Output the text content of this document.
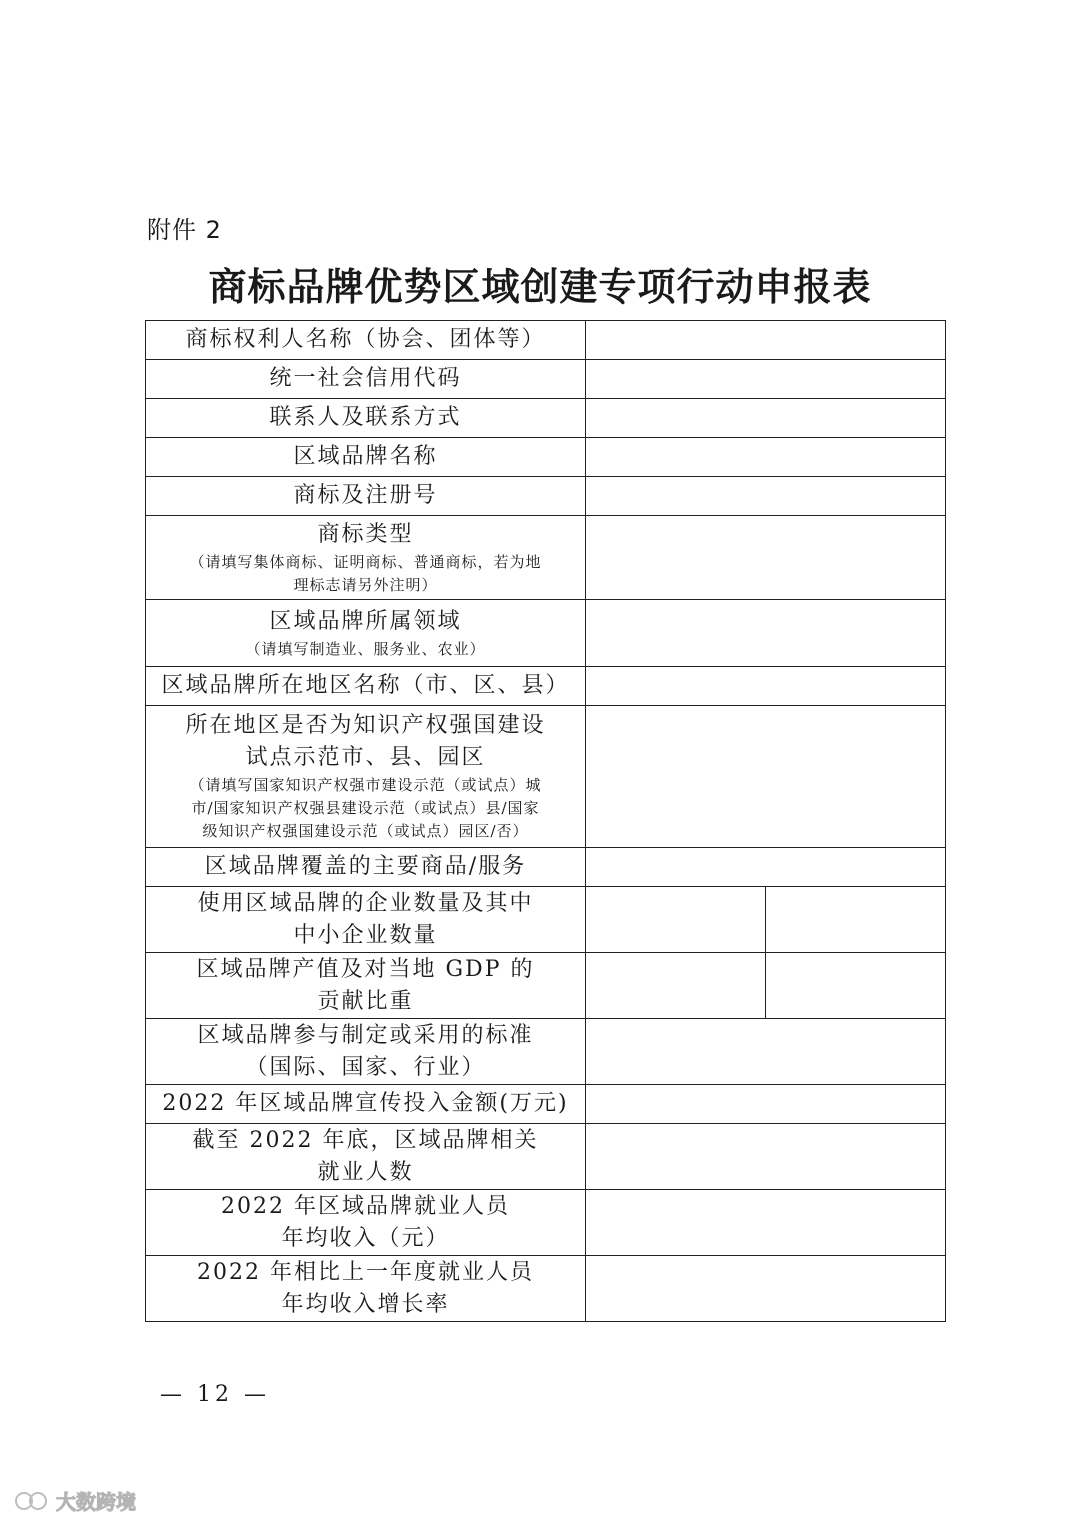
附件 2
商标品牌优势区域创建专项行动申报表
商标权利人名称（协会、团体等）		

统一社会信用代码		

联系人及联系方式		

区域品牌名称		

商标及注册号		

商标类型
（请填写集体商标、证明商标、普通商标，若为地
理标志请另外注明）		

区域品牌所属领域
（请填写制造业、服务业、农业）		

区域品牌所在地区名称（市、区、县）		

所在地区是否为知识产权强国建设
试点示范市、县、园区
（请填写国家知识产权强市建设示范（或试点）城
市/国家知识产权强县建设示范（或试点）县/国家
级知识产权强国建设示范（或试点）园区/否）		

区域品牌覆盖的主要商品/服务		

使用区域品牌的企业数量及其中
中小企业数量		

区域品牌产值及对当地 GDP 的
贡献比重		

区域品牌参与制定或采用的标准
（国际、国家、行业）		

2022 年区域品牌宣传投入金额(万元)		

截至 2022 年底，区域品牌相关
就业人数		

2022 年区域品牌就业人员
年均收入（元）		

2022 年相比上一年度就业人员
年均收入增长率		

— 12 —
大数跨境
